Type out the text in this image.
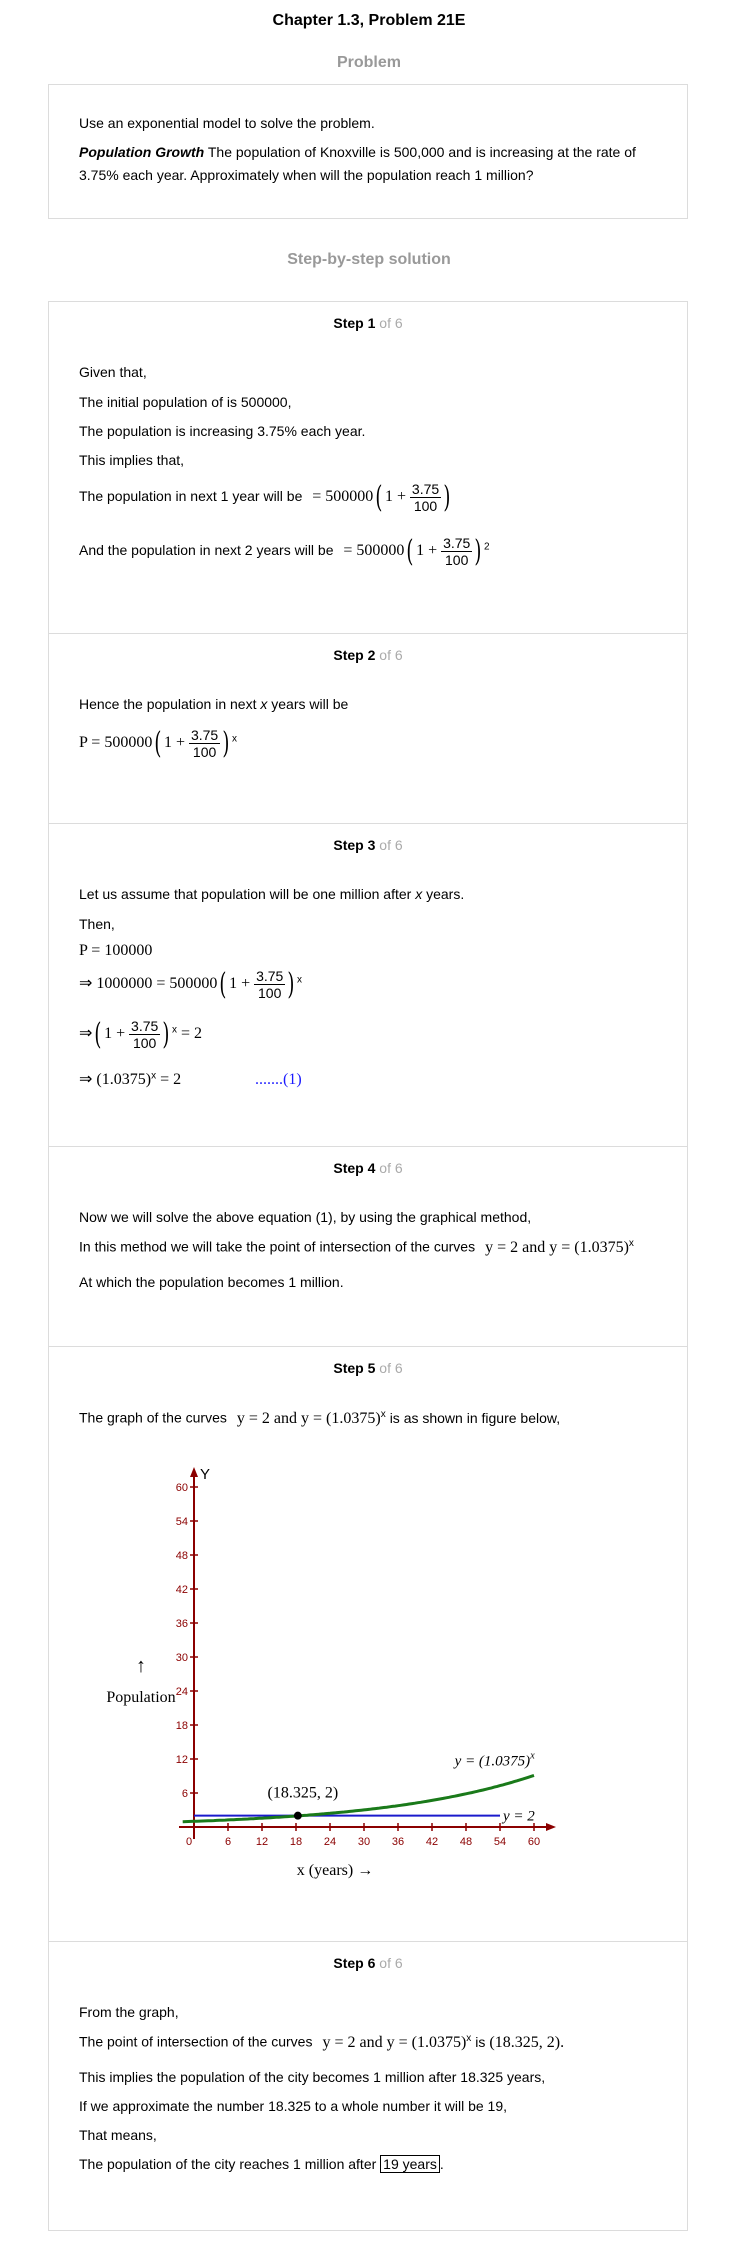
Chapter 1.3, Problem 21E
Problem
Use an exponential model to solve the problem.
Population Growth The population of Knoxville is 500,000 and is increasing at the rate of
3.75% each year. Approximately when will the population reach 1 million?
Step-by-step solution
Step 1 of 6
Given that,
The initial population of is 500000,
The population is increasing 3.75% each year.
This implies that,
The population in next 1 year will be = 500000( $1 + \frac{3.75}{100}$ )
And the population in next 2 years will be = 500000( $1 + \frac{3.75}{100}$ ) $^2$
Step 2 of 6
Hence the population in next x years will be
P = 500000( $1 + \frac{3.75}{100}$ ) $^x$
Step 3 of 6
Let us assume that population will be one million after x years.
Then,
P = 100000
⇒ 1000000 = 500000( $1 + \frac{3.75}{100}$ ) $^x$
⇒( $1 + \frac{3.75}{100}$ ) $^x$ = 2
⇒ $(1.0375)^x = 2$	.......(1)
Step 4 of 6
Now we will solve the above equation (1), by using the graphical method,
In this method we will take the point of intersection of the curves y = 2 and $y = (1.0375)^x$
At which the population becomes 1 million.
Step 5 of 6
The graph of the curves y = 2 and $y = (1.0375)^x$ is as shown in figure below,
Y
0	6 12 18 24 30 36 42 48 54 60
6
12
18
24
30
36
42
48
54
60
y = 2
$y = (1.0375)^x$
(18.325, 2)
↑
Population
x (years) →
Step 6 of 6
From the graph,
The point of intersection of the curves y = 2 and $y = (1.0375)^x$ is (18.325, 2).
This implies the population of the city becomes 1 million after 18.325 years,
If we approximate the number 18.325 to a whole number it will be 19,
That means,
The population of the city reaches 1 million after 19 years .
